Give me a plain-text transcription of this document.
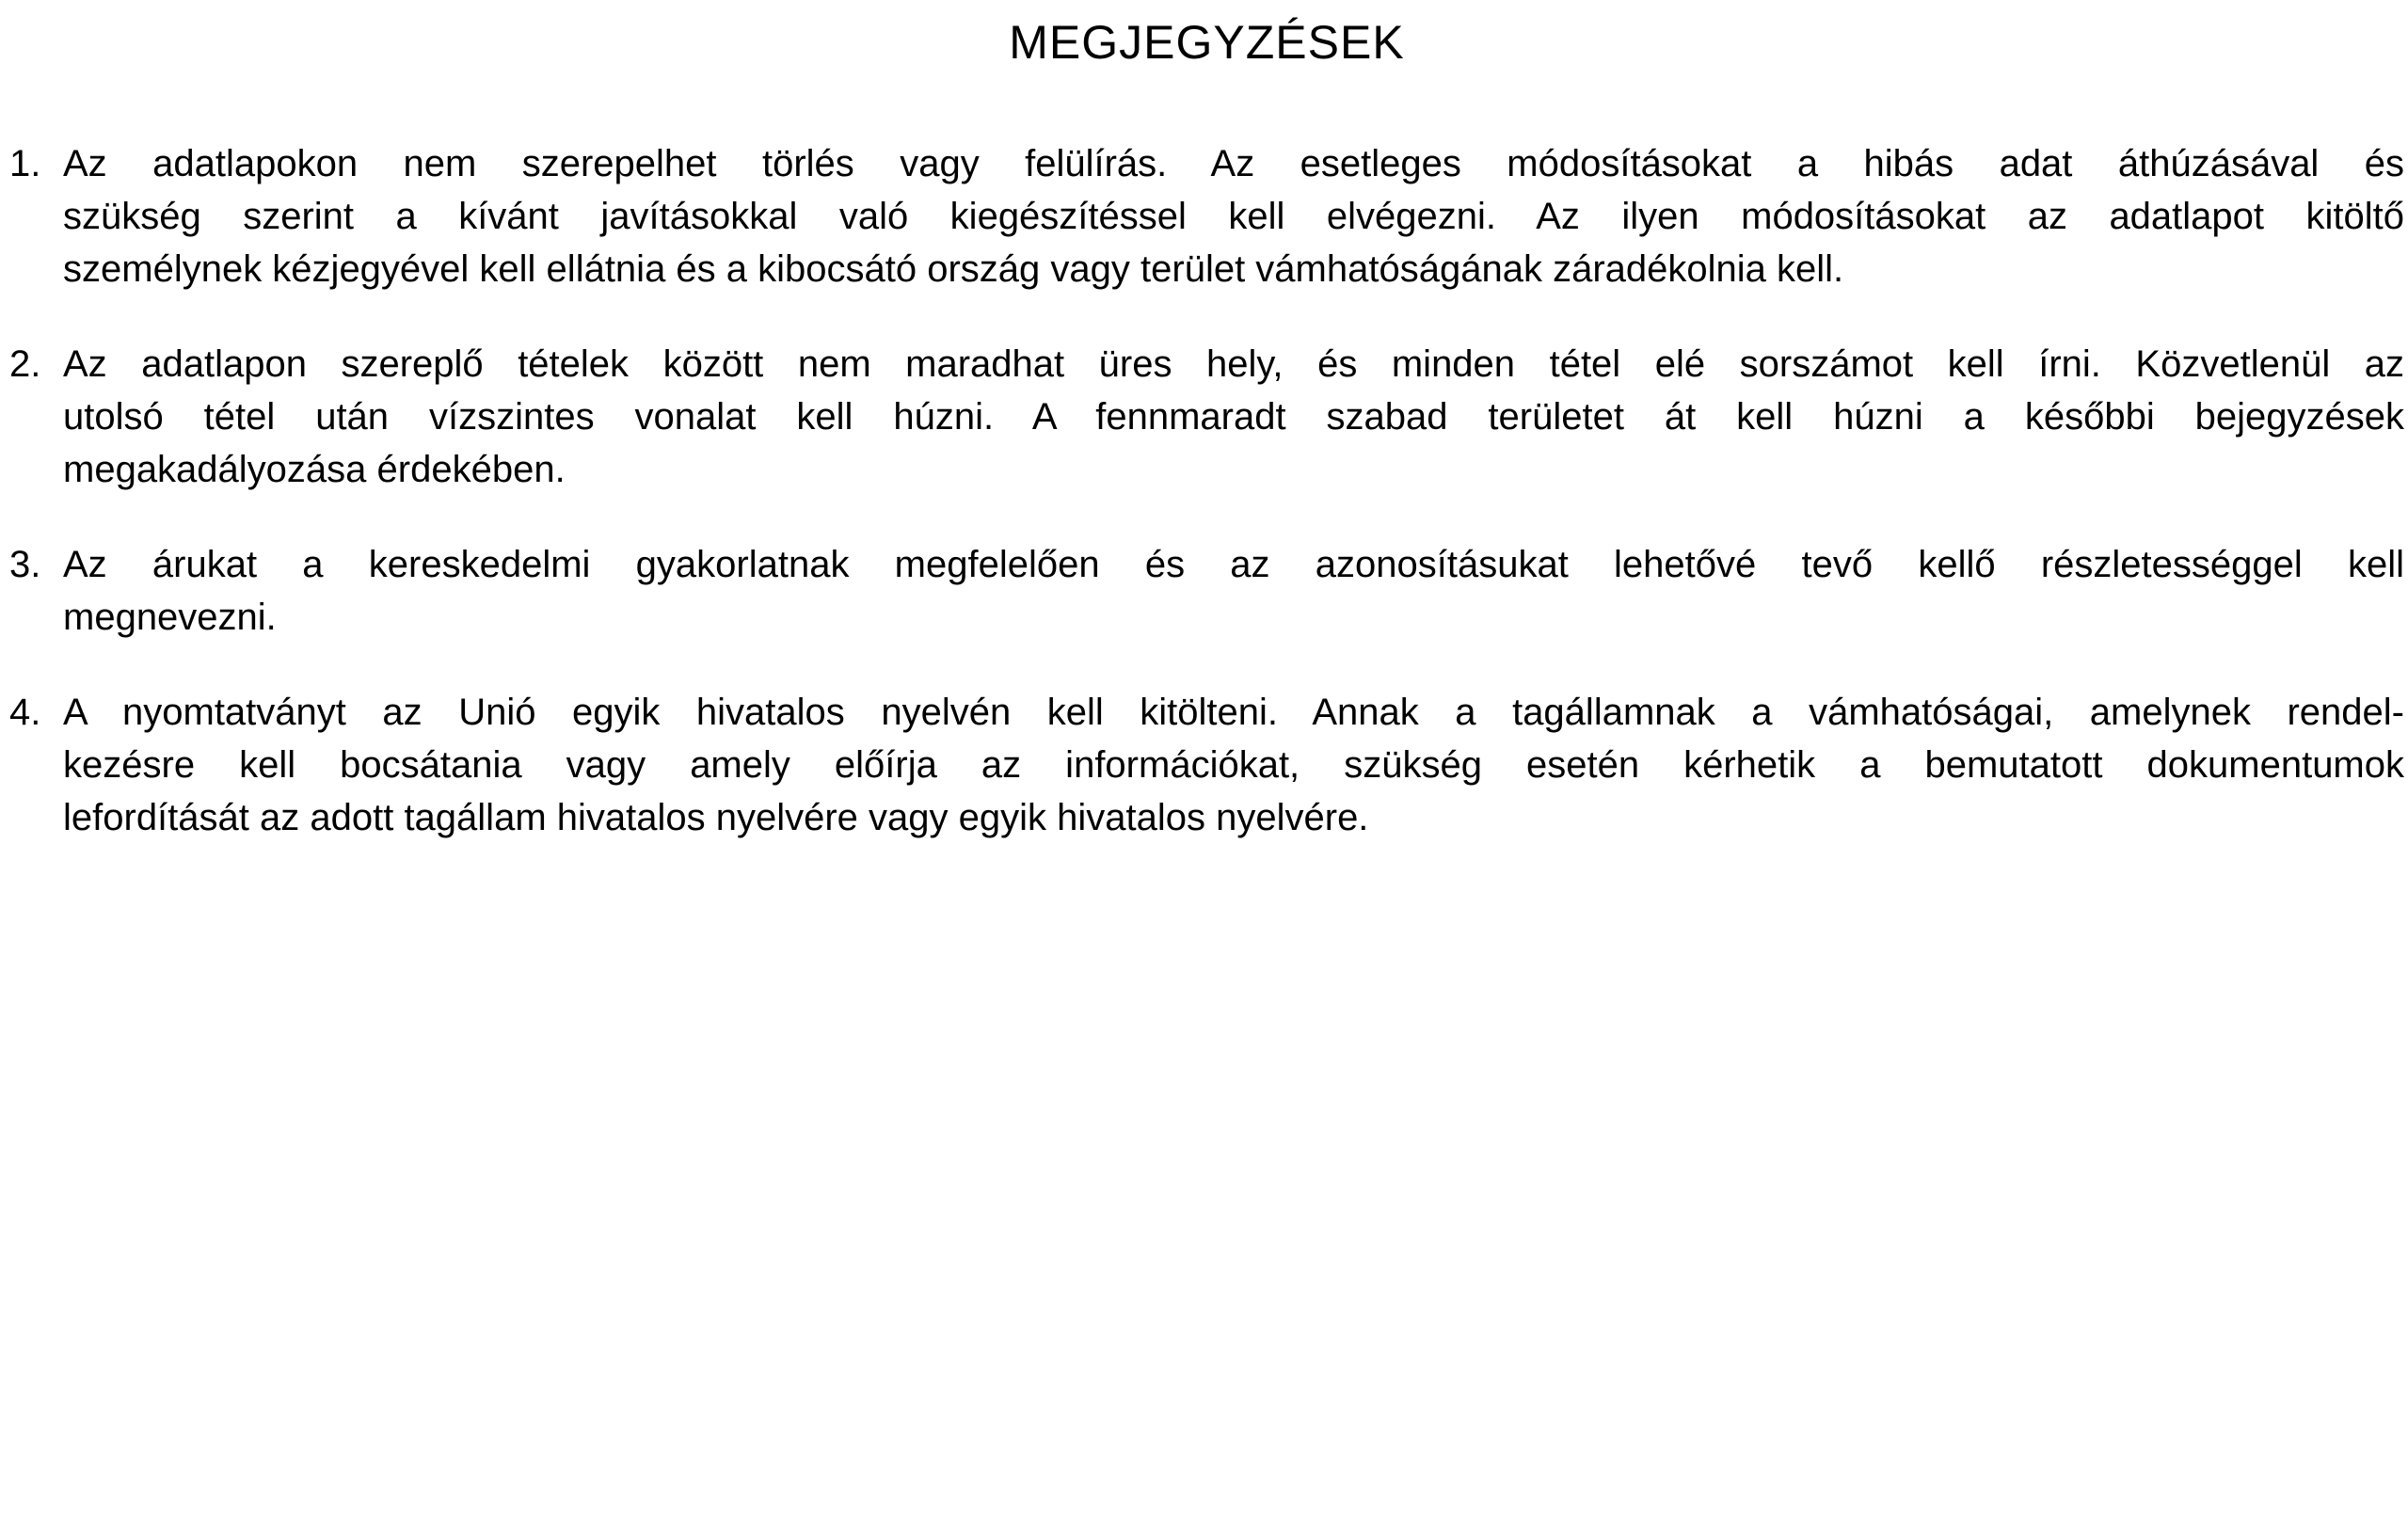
MEGJEGYZÉSEK
1. Az adatlapokon nem szerepelhet törlés vagy felülírás. Az esetleges módosításokat a hibás adat áthúzásával és
szükség szerint a kívánt javításokkal való kiegészítéssel kell elvégezni. Az ilyen módosításokat az adatlapot kitöltő
személynek kézjegyével kell ellátnia és a kibocsátó ország vagy terület vámhatóságának záradékolnia kell.
2. Az adatlapon szereplő tételek között nem maradhat üres hely, és minden tétel elé sorszámot kell írni. Közvetlenül az
utolsó tétel után vízszintes vonalat kell húzni. A fennmaradt szabad területet át kell húzni a későbbi bejegyzések
megakadályozása érdekében.
3. Az árukat a kereskedelmi gyakorlatnak megfelelően és az azonosításukat lehetővé tevő kellő részletességgel kell
megnevezni.
4. A nyomtatványt az Unió egyik hivatalos nyelvén kell kitölteni. Annak a tagállamnak a vámhatóságai, amelynek rendel-
kezésre kell bocsátania vagy amely előírja az információkat, szükség esetén kérhetik a bemutatott dokumentumok
lefordítását az adott tagállam hivatalos nyelvére vagy egyik hivatalos nyelvére.
